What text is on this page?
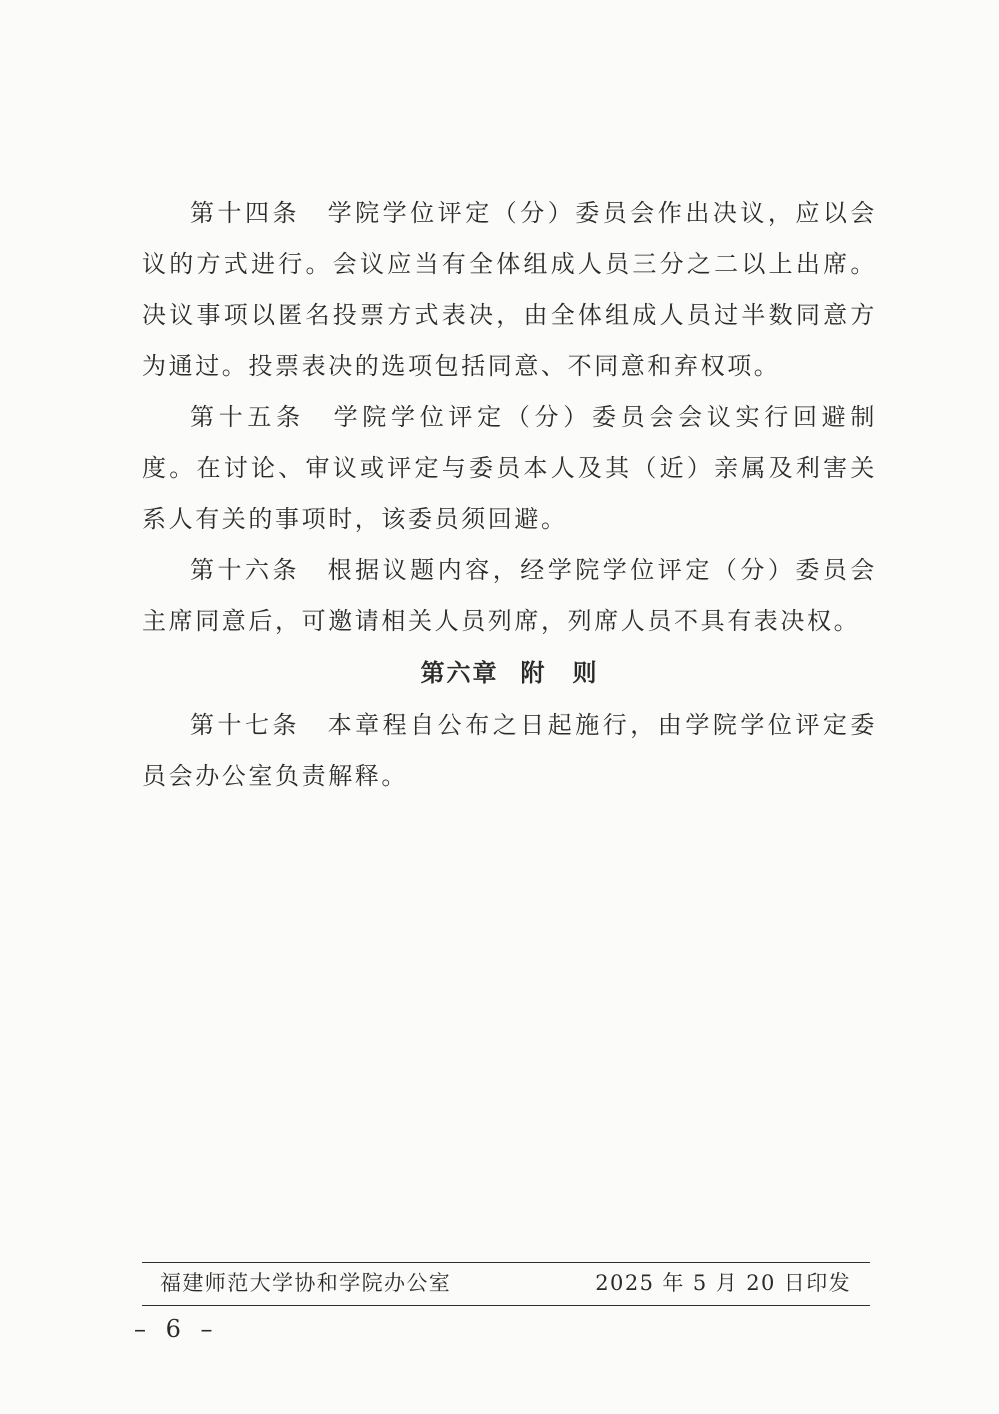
第十四条　 学院学位评定（分）委员会作出决议，应以会议的方式进行。会议应当有全体组成人员三分之二以上出席。决议事项以匿名投票方式表决，由全体组成人员过半数同意方为通过。投票表决的选项包括同意、不同意和弃权项。

第十五条　 学院学位评定（分）委员会会议实行回避制度。在讨论、审议或评定与委员本人及其（近）亲属及利害关系人有关的事项时，该委员须回避。

第十六条　 根据议题内容，经学院学位评定（分）委员会主席同意后，可邀请相关人员列席，列席人员不具有表决权。

第六章 附　则

第十七条　 本章程自公布之日起施行，由学院学位评定委员会办公室负责解释。

福建师范大学协和学院办公室	2025 年 5 月 20 日印发
– 6 –
